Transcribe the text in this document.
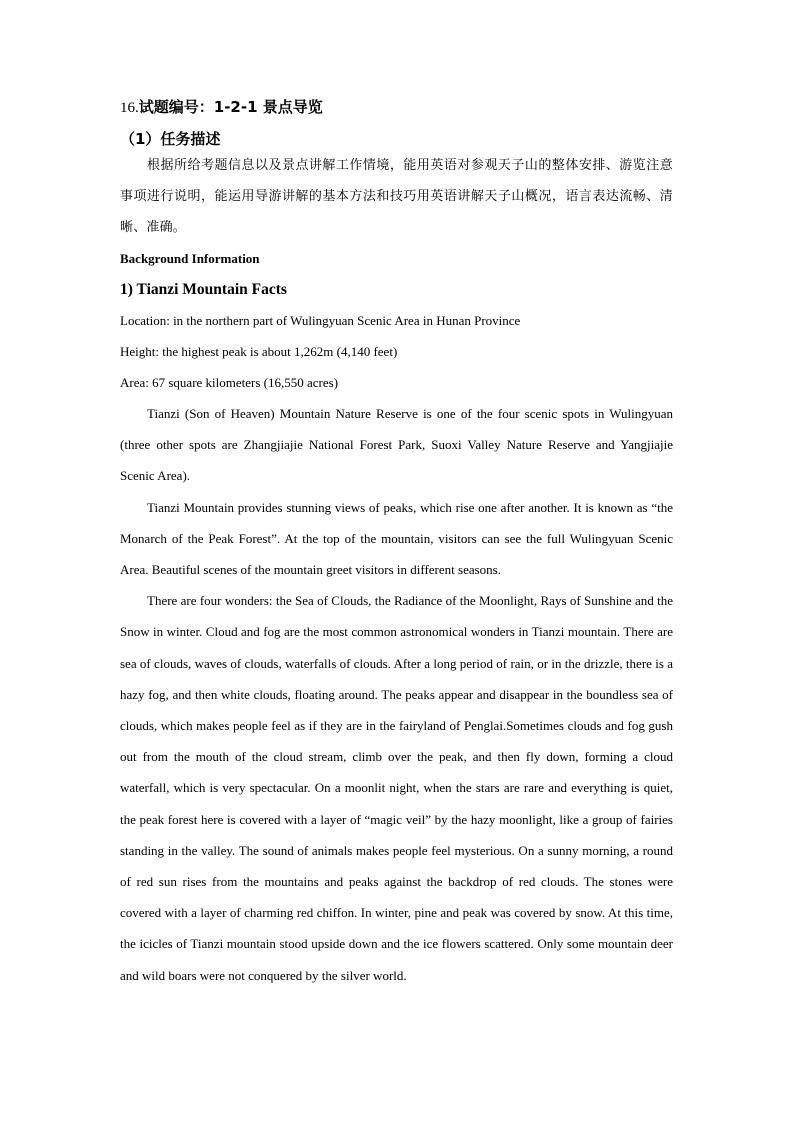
16.试题编号：1-2-1 景点导览

（1）任务描述

根据所给考题信息以及景点讲解工作情境，能用英语对参观天子山的整体安排、游览注意事项进行说明，能运用导游讲解的基本方法和技巧用英语讲解天子山概况，语言表达流畅、清晰、准确。

Background Information

1) Tianzi Mountain Facts

Location: in the northern part of Wulingyuan Scenic Area in Hunan Province

Height: the highest peak is about 1,262m (4,140 feet)

Area: 67 square kilometers (16,550 acres)

Tianzi (Son of Heaven) Mountain Nature Reserve is one of the four scenic spots in Wulingyuan (three other spots are Zhangjiajie National Forest Park, Suoxi Valley Nature Reserve and Yangjiajie Scenic Area).

Tianzi Mountain provides stunning views of peaks, which rise one after another. It is known as “the Monarch of the Peak Forest”. At the top of the mountain, visitors can see the full Wulingyuan Scenic Area. Beautiful scenes of the mountain greet visitors in different seasons.

There are four wonders: the Sea of Clouds, the Radiance of the Moonlight, Rays of Sunshine and the Snow in winter. Cloud and fog are the most common astronomical wonders in Tianzi mountain. There are sea of clouds, waves of clouds, waterfalls of clouds. After a long period of rain, or in the drizzle, there is a hazy fog, and then white clouds, floating around. The peaks appear and disappear in the boundless sea of clouds, which makes people feel as if they are in the fairyland of Penglai.Sometimes clouds and fog gush out from the mouth of the cloud stream, climb over the peak, and then fly down, forming a cloud waterfall, which is very spectacular. On a moonlit night, when the stars are rare and everything is quiet, the peak forest here is covered with a layer of “magic veil” by the hazy moonlight, like a group of fairies standing in the valley. The sound of animals makes people feel mysterious. On a sunny morning, a round of red sun rises from the mountains and peaks against the backdrop of red clouds. The stones were covered with a layer of charming red chiffon. In winter, pine and peak was covered by snow. At this time, the icicles of Tianzi mountain stood upside down and the ice flowers scattered. Only some mountain deer and wild boars were not conquered by the silver world.
